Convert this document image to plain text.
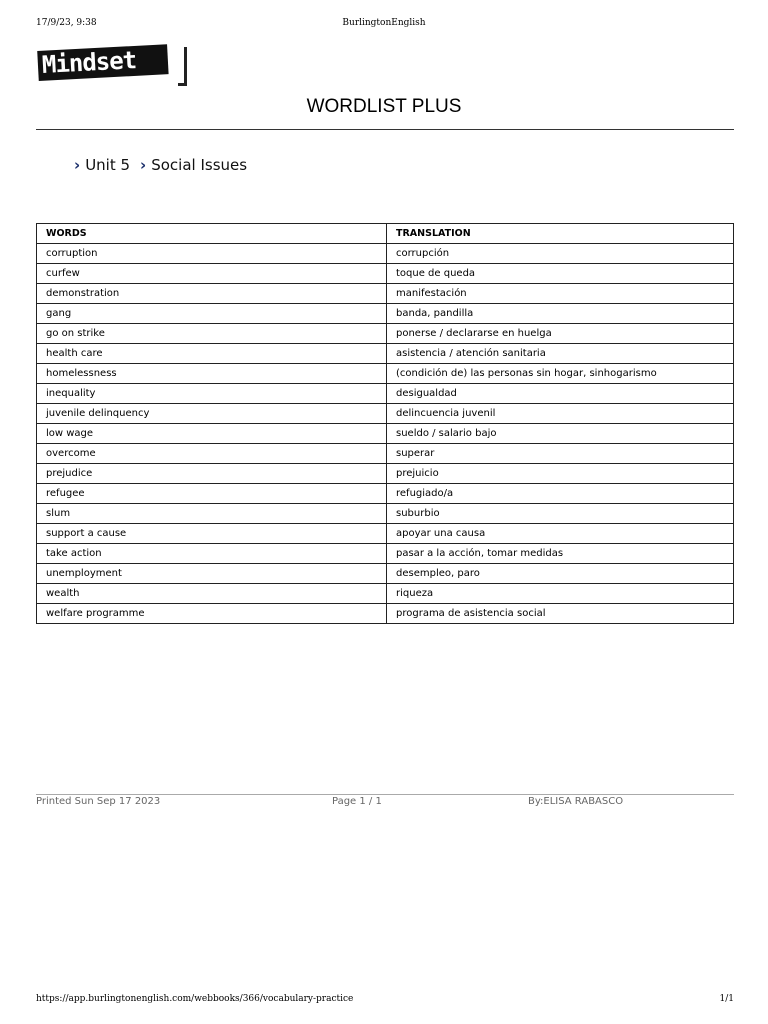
17/9/23, 9:38	BurlingtonEnglish
Mindset
WORDLIST PLUS
› Unit 5 › Social Issues
WORDS	TRANSLATION
corruption	corrupción
curfew	toque de queda
demonstration	manifestación
gang	banda, pandilla
go on strike	ponerse / declararse en huelga
health care	asistencia / atención sanitaria
homelessness	(condición de) las personas sin hogar, sinhogarismo
inequality	desigualdad
juvenile delinquency	delincuencia juvenil
low wage	sueldo / salario bajo
overcome	superar
prejudice	prejuicio
refugee	refugiado/a
slum	suburbio
support a cause	apoyar una causa
take action	pasar a la acción, tomar medidas
unemployment	desempleo, paro
wealth	riqueza
welfare programme	programa de asistencia social
Printed Sun Sep 17 2023	Page 1 / 1	By:ELISA RABASCO
https://app.burlingtonenglish.com/webbooks/366/vocabulary-practice	1/1
